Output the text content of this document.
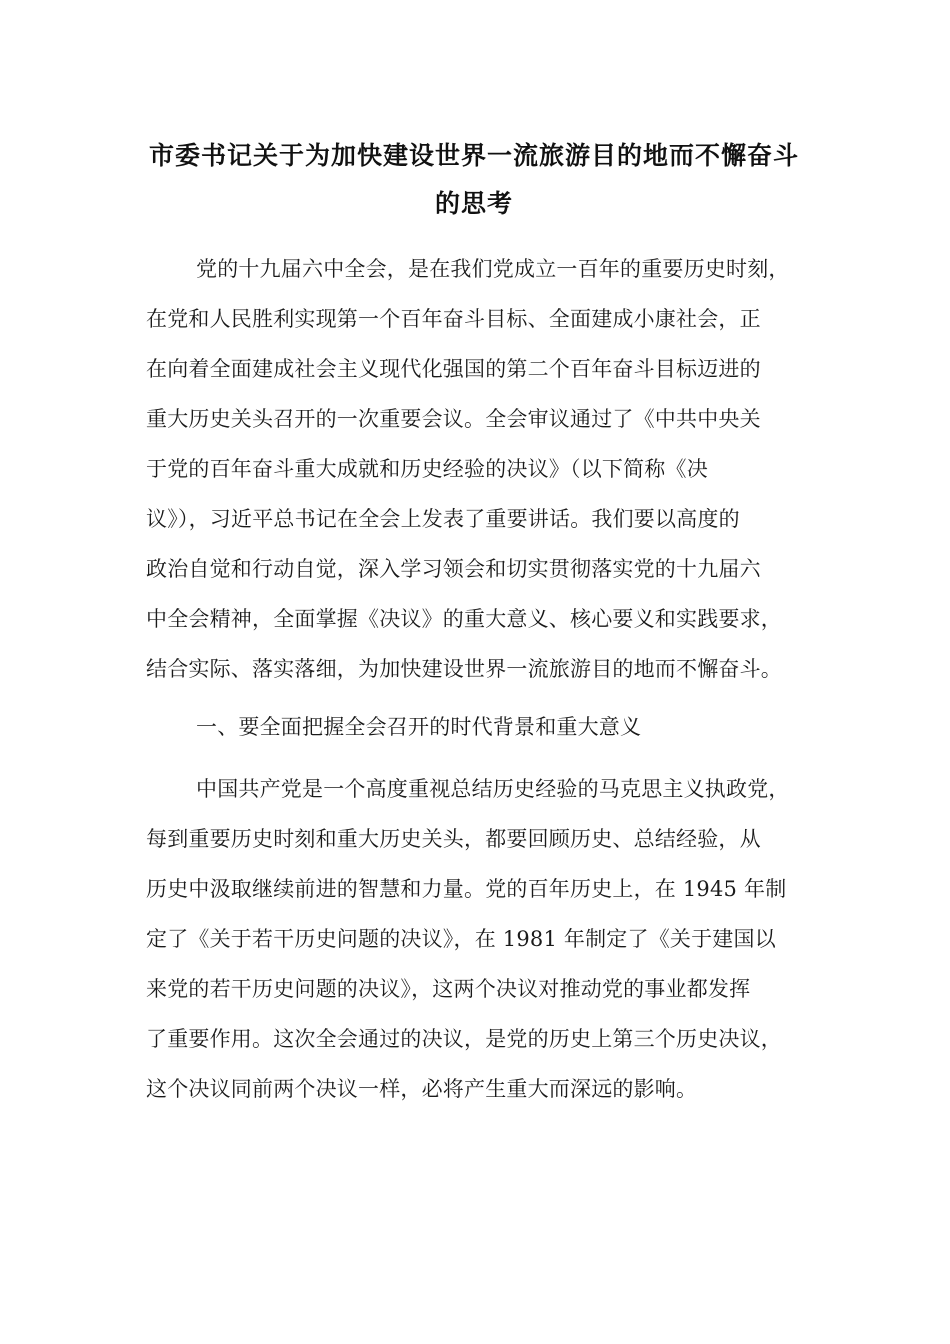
市委书记关于为加快建设世界一流旅游目的地而不懈奋斗
的思考
党的十九届六中全会，是在我们党成立一百年的重要历史时刻，
在党和人民胜利实现第一个百年奋斗目标、全面建成小康社会，正
在向着全面建成社会主义现代化强国的第二个百年奋斗目标迈进的
重大历史关头召开的一次重要会议。全会审议通过了《中共中央关
于党的百年奋斗重大成就和历史经验的决议》（以下简称《决
议》），习近平总书记在全会上发表了重要讲话。我们要以高度的
政治自觉和行动自觉，深入学习领会和切实贯彻落实党的十九届六
中全会精神，全面掌握《决议》的重大意义、核心要义和实践要求，
结合实际、落实落细，为加快建设世界一流旅游目的地而不懈奋斗。
一、要全面把握全会召开的时代背景和重大意义
中国共产党是一个高度重视总结历史经验的马克思主义执政党，
每到重要历史时刻和重大历史关头，都要回顾历史、总结经验，从
历史中汲取继续前进的智慧和力量。党的百年历史上，在 1945 年制
定了《关于若干历史问题的决议》，在 1981 年制定了《关于建国以
来党的若干历史问题的决议》，这两个决议对推动党的事业都发挥
了重要作用。这次全会通过的决议，是党的历史上第三个历史决议，
这个决议同前两个决议一样，必将产生重大而深远的影响。
